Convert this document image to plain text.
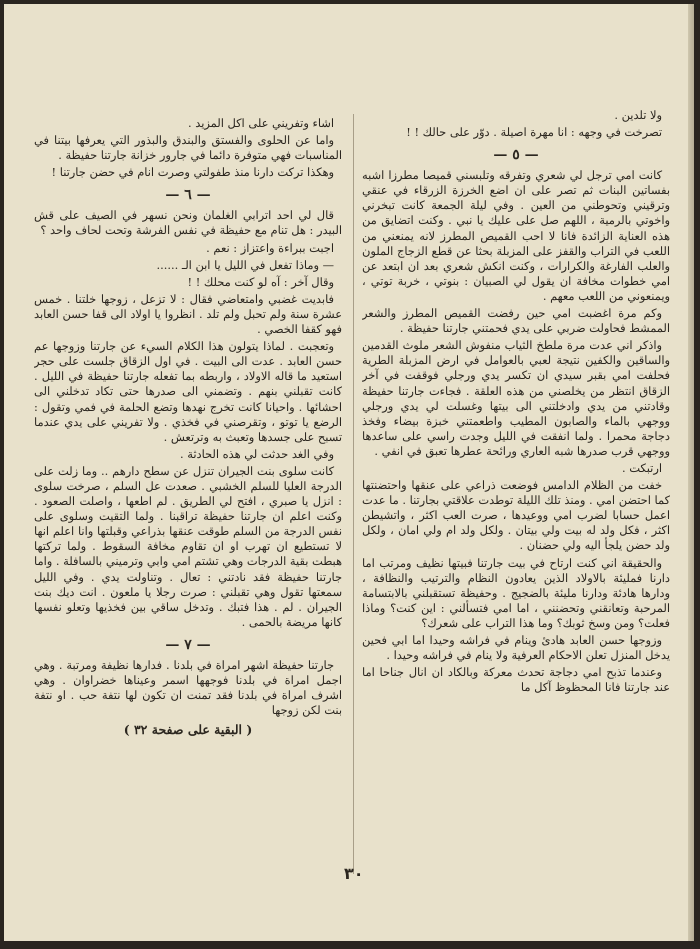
ولا تلدين .

تصرخت في وجهه : انا مهرة اصيلة . دوّر على حالك ! !

— ٥ —

كانت امي ترجل لي شعري وتفرقه وتلبسني قميصا مطرزا اشبه بفساتين البنات ثم تصر على ان اضع الخرزة الزرقاء في عنقي وترقيني وتحوطني من العين . وفي ليلة الجمعة كانت تبخرني واخوتي بالرمية ، اللهم صل على عليك يا نبي . وكنت اتضايق من هذه العناية الزائدة فانا لا احب القميص المطرز لانه يمنعني من اللعب في التراب والقفز على المزبلة بحثا عن قطع الزجاج الملون والعلب الفارغة والكرارات ، وكنت انكش شعري بعد ان ابتعد عن امي خطوات مخافة ان يقول لي الصبيان : بنوتي ، خربة توتي ، ويمنعوني من اللعب معهم .

وكم مرة اغضبت امي حين رفضت القميص المطرز والشعر الممشط فحاولت ضربي على يدي فحمتني جارتنا حفيظة .

واذكر اني عدت مرة ملطخ الثياب منفوش الشعر ملوث القدمين والساقين والكفين نتيجة لعبي بالعوامل في ارض المزبلة الطرية فحلفت امي بقبر سيدي ان تكسر يدي ورجلي فوقفت في آخر الزقاق انتظر من يخلصني من هذه العلقة . فجاءت جارتنا حفيظة وقادتني من يدي وادخلتني الى بيتها وغسلت لي يدي ورجلي ووجهي بالماء والصابون المطيب واطعمتني خبزة بيضاء وفخذ دجاجة محمرا . ولما انفقت في الليل وجدت راسي على ساعدها ووجهي قرب صدرها شبه العاري ورائحة عطرها تعبق في انفي .

ارتبكت .

خفت من الظلام الدامس فوضعت ذراعي على عنقها واحتضنتها كما احتضن امي . ومنذ تلك الليلة توطدت علاقتي بجارتنا . ما عدت اعمل حسابا لضرب امي ووعيدها ، صرت العب اكثر ، واتشيطن اكثر ، فكل ولد له بيت ولي بيتان . ولكل ولد ام ولي امان ، ولكل ولد حضن يلجأ اليه ولي حضنان .

والحقيقة اني كنت ارتاح في بيت جارتنا فبيتها نظيف ومرتب اما دارنا فمليئة بالاولاد الذين يعادون النظام والترتيب والنظافة ، ودارها هادئة ودارنا مليئة بالضجيج . وحفيظة تستقبلني بالابتسامة المرحبة وتعانقني وتحضنني ، اما امي فتسألني : اين كنت؟ وماذا فعلت؟ ومن وسخ ثوبك؟ وما هذا التراب على شعرك؟

وزوجها حسن العابد هادئ وينام في فراشه وحيدا اما ابي فحين يدخل المنزل تعلن الاحكام العرفية ولا ينام في فراشه وحيدا .

وعندما تذبح امي دجاجة تحدث معركة وبالكاد ان انال جناحا اما عند جارتنا فانا المحظوظ آكل ما

اشاء وتفريني على اكل المزيد .

واما عن الحلوى والفستق والبندق والبذور التي يعرفها بيتنا في المناسبات فهي متوفرة دائما في جارور خزانة جارتنا حفيظة .

وهكذا تركت دارنا منذ طفولتي وصرت انام في حضن جارتنا !

— ٦ —

قال لي احد اترابي الغلمان ونحن نسهر في الصيف على قش البيدر : هل تنام مع حفيظة في نفس الفرشة وتحت لحاف واحد ؟

اجبت ببراءة واعتزاز : نعم .

— وماذا تفعل في الليل يا ابن الـ ......

وقال آخر : آه لو كنت محلك ! !

فابديت غضبي وامتعاضي فقال : لا تزعل ، زوجها خلتنا . خمس عشرة سنة ولم تحبل ولم تلد . انظروا يا اولاد الى قفا حسن العابد فهو كقفا الخصي .

وتعجبت . لماذا يتولون هذا الكلام السيء عن جارتنا وزوجها عم حسن العابد . عدت الى البيت . في اول الزقاق جلست على حجر استعيد ما قاله الاولاد ، واربطه بما تفعله جارتنا حفيظة في الليل . كانت تقبلني بنهم . وتضمني الى صدرها حتى تكاد تدخلني الى احشائها . واحيانا كانت تخرج نهدها وتضع الحلمة في فمي وتقول : الرضع يا توتو ، وتقرصني في فخذي . ولا تفريني على يدي عندما تسبح على جسدها وتعبث به وترتعش .

وفي الغد حدثت لي هذه الحادثة .

كانت سلوى بنت الجيران تنزل عن سطح دارهم .. وما زلت على الدرجة العليا للسلم الخشبي . صعدت عل السلم ، صرخت سلوى : انزل يا صبري ، افتح لي الطريق . لم اطعها ، واصلت الصعود . وكنت اعلم ان جارتنا حفيظة تراقبنا . ولما التقيت وسلوى على نفس الدرجة من السلم طوقت عنقها بذراعي وقبلتها وانا اعلم انها لا تستطيع ان تهرب او ان تقاوم مخافة السقوط . ولما تركتها هبطت بقية الدرجات وهي تشتم امي وابي وترميني بالسافلة . واما جارتنا حفيظة فقد نادتني : تعال . وتناولت يدي . وفي الليل سمعتها تقول وهي تقبلني : صرت رجلا يا ملعون . انت ديك بنت الجيران . لم . هذا فتبك . وتدخل ساقي بين فخذيها وتعلو نفسها كانها مريضة بالحمى .

— ٧ —

جارتنا حفيظة اشهر امراة في بلدنا . فدارها نظيفة ومرتبة . وهي اجمل امراة في بلدنا فوجهها اسمر وعيناها خضراوان . وهي اشرف امراة في بلدنا فقد تمنت ان تكون لها نتفة حب . او نتفة بنت لكن زوجها

( البقية على صفحة ٣٢ )
٣٠
